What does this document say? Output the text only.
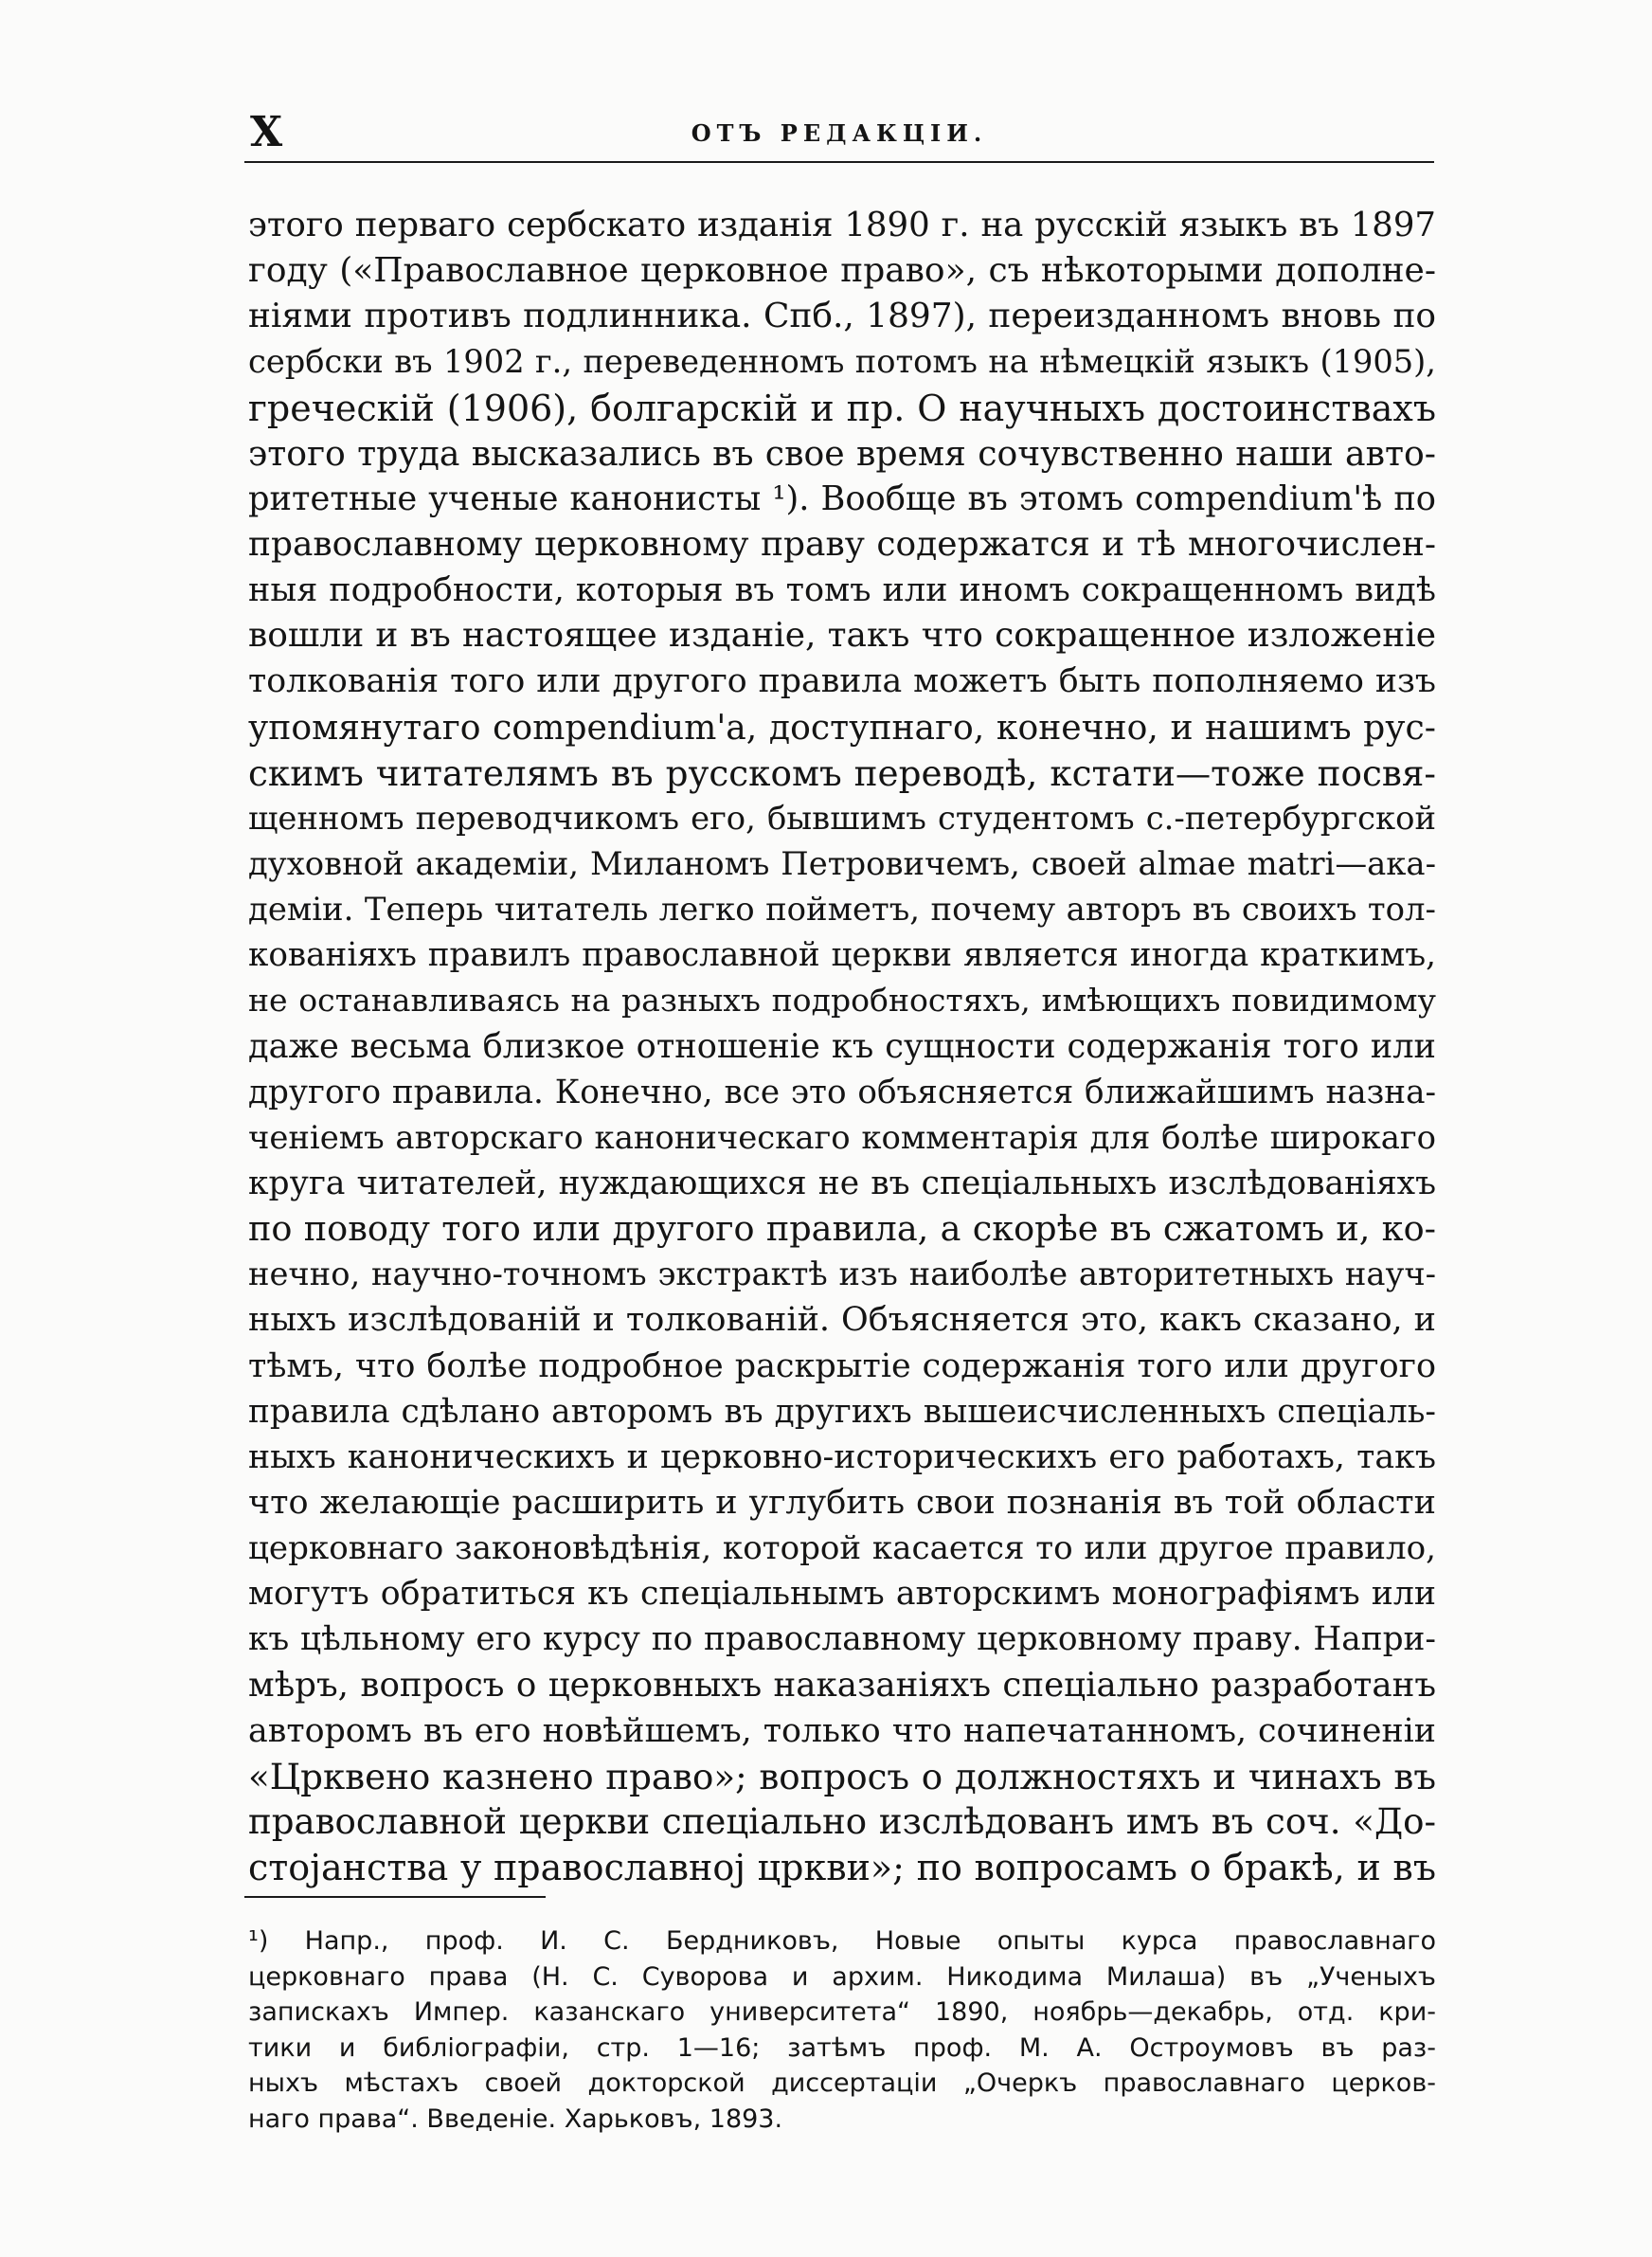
X	ОТЪ РЕДАКЦІИ.
этого перваго сербскато изданія 1890 г. на русскій языкъ въ 1897
году («Православное церковное право», съ нѣкоторыми дополне-
ніями противъ подлинника. Спб., 1897), переизданномъ вновь по
сербски въ 1902 г., переведенномъ потомъ на нѣмецкій языкъ (1905),
греческій (1906), болгарскій и пр. О научныхъ достоинствахъ
этого труда высказались въ свое время сочувственно наши авто-
ритетные ученые канонисты ¹). Вообще въ этомъ compendium'ѣ по
православному церковному праву содержатся и тѣ многочислен-
ныя подробности, которыя въ томъ или иномъ сокращенномъ видѣ
вошли и въ настоящее изданіе, такъ что сокращенное изложеніе
толкованія того или другого правила можетъ быть пополняемо изъ
упомянутаго compendium'a, доступнаго, конечно, и нашимъ рус-
скимъ читателямъ въ русскомъ переводѣ, кстати—тоже посвя-
щенномъ переводчикомъ его, бывшимъ студентомъ с.-петербургской
духовной академіи, Миланомъ Петровичемъ, своей almae matri—ака-
деміи. Теперь читатель легко пойметъ, почему авторъ въ своихъ тол-
кованіяхъ правилъ православной церкви является иногда краткимъ,
не останавливаясь на разныхъ подробностяхъ, имѣющихъ повидимому
даже весьма близкое отношеніе къ сущности содержанія того или
другого правила. Конечно, все это объясняется ближайшимъ назна-
ченіемъ авторскаго каноническаго комментарія для болѣе широкаго
круга читателей, нуждающихся не въ спеціальныхъ изслѣдованіяхъ
по поводу того или другого правила, а скорѣе въ сжатомъ и, ко-
нечно, научно-точномъ экстрактѣ изъ наиболѣе авторитетныхъ науч-
ныхъ изслѣдованій и толкованій. Объясняется это, какъ сказано, и
тѣмъ, что болѣе подробное раскрытіе содержанія того или другого
правила сдѣлано авторомъ въ другихъ вышеисчисленныхъ спеціаль-
ныхъ каноническихъ и церковно-историческихъ его работахъ, такъ
что желающіе расширить и углубить свои познанія въ той области
церковнаго законовѣдѣнія, которой касается то или другое правило,
могутъ обратиться къ спеціальнымъ авторскимъ монографіямъ или
къ цѣльному его курсу по православному церковному праву. Напри-
мѣръ, вопросъ о церковныхъ наказаніяхъ спеціально разработанъ
авторомъ въ его новѣйшемъ, только что напечатанномъ, сочиненіи
«Црквено казнено право»; вопросъ о должностяхъ и чинахъ въ
православной церкви спеціально изслѣдованъ имъ въ соч. «До-
стојанства у православној цркви»; по вопросамъ о бракѣ, и въ
¹) Напр., проф. И. С. Бердниковъ, Новые опыты курса православнаго
церковнаго права (Н. С. Суворова и архим. Никодима Милаша) въ „Ученыхъ
запискахъ Импер. казанскаго университета“ 1890, ноябрь—декабрь, отд. кри-
тики и библіографіи, стр. 1—16; затѣмъ проф. М. А. Остроумовъ въ раз-
ныхъ мѣстахъ своей докторской диссертаціи „Очеркъ православнаго церков-
наго права“. Введеніе. Харьковъ, 1893.
